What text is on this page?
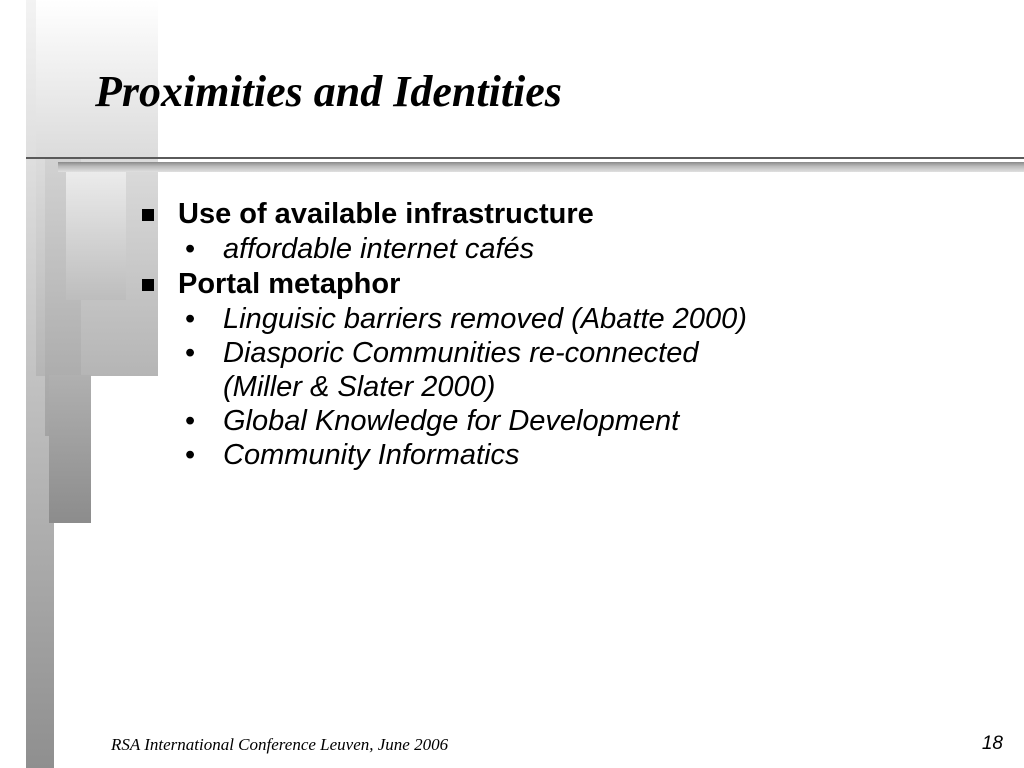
Proximities and Identities
Use of available infrastructure
• affordable internet cafés
Portal metaphor
• Linguisic barriers removed (Abatte 2000)
• Diasporic Communities re-connected
(Miller & Slater 2000)
• Global Knowledge for Development
• Community Informatics
RSA International Conference Leuven, June 2006	18
